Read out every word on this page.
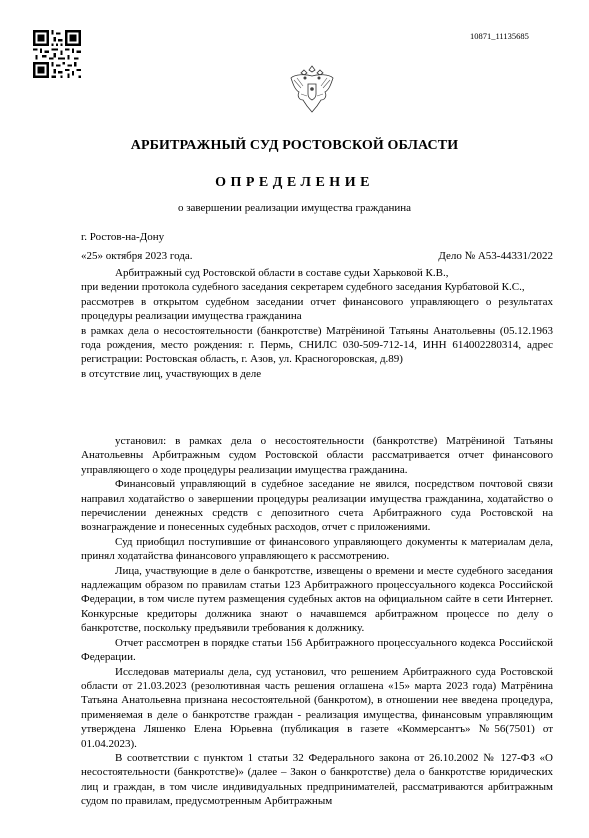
10871_11135685
АРБИТРАЖНЫЙ СУД РОСТОВСКОЙ ОБЛАСТИ
ОПРЕДЕЛЕНИЕ
о завершении реализации имущества гражданина
г. Ростов-на-Дону
«25» октября 2023 года.	Дело № А53-44331/2022

Арбитражный суд Ростовской области в составе судьи Харьковой К.В.,

при ведении протокола судебного заседания секретарем судебного заседания Курбатовой К.С.,

рассмотрев в открытом судебном заседании отчет финансового управляющего о результатах процедуры реализации имущества гражданина

в рамках дела о несостоятельности (банкротстве) Матрёниной Татьяны Анатольевны (05.12.1963 года рождения, место рождения: г. Пермь, СНИЛС 030-509-712-14, ИНН 614002280314, адрес регистрации: Ростовская область, г. Азов, ул. Красногоровская, д.89)

в отсутствие лиц, участвующих в деле

установил: в рамках дела о несостоятельности (банкротстве) Матрёниной Татьяны Анатольевны Арбитражным судом Ростовской области рассматривается отчет финансового управляющего о ходе процедуры реализации имущества гражданина.

Финансовый управляющий в судебное заседание не явился, посредством почтовой связи направил ходатайство о завершении процедуры реализации имущества гражданина, ходатайство о перечислении денежных средств с депозитного счета Арбитражного суда Ростовской на вознаграждение и понесенных судебных расходов, отчет с приложениями.

Суд приобщил поступившие от финансового управляющего документы к материалам дела, принял ходатайства финансового управляющего к рассмотрению.

Лица, участвующие в деле о банкротстве, извещены о времени и месте судебного заседания надлежащим образом по правилам статьи 123 Арбитражного процессуального кодекса Российской Федерации, в том числе путем размещения судебных актов на официальном сайте в сети Интернет. Конкурсные кредиторы должника знают о начавшемся арбитражном процессе по делу о банкротстве, поскольку предъявили требования к должнику.

Отчет рассмотрен в порядке статьи 156 Арбитражного процессуального кодекса Российской Федерации.

Исследовав материалы дела, суд установил, что решением Арбитражного суда Ростовской области от 21.03.2023 (резолютивная часть решения оглашена «15» марта 2023 года) Матрёнина Татьяна Анатольевна признана несостоятельной (банкротом), в отношении нее введена процедура, применяемая в деле о банкротстве граждан - реализация имущества, финансовым управляющим утверждена Ляшенко Елена Юрьевна (публикация в газете «Коммерсантъ» №56(7501) от 01.04.2023).

В соответствии с пунктом 1 статьи 32 Федерального закона от 26.10.2002 № 127-ФЗ «О несостоятельности (банкротстве)» (далее – Закон о банкротстве) дела о банкротстве юридических лиц и граждан, в том числе индивидуальных предпринимателей, рассматриваются арбитражным судом по правилам, предусмотренным Арбитражным
